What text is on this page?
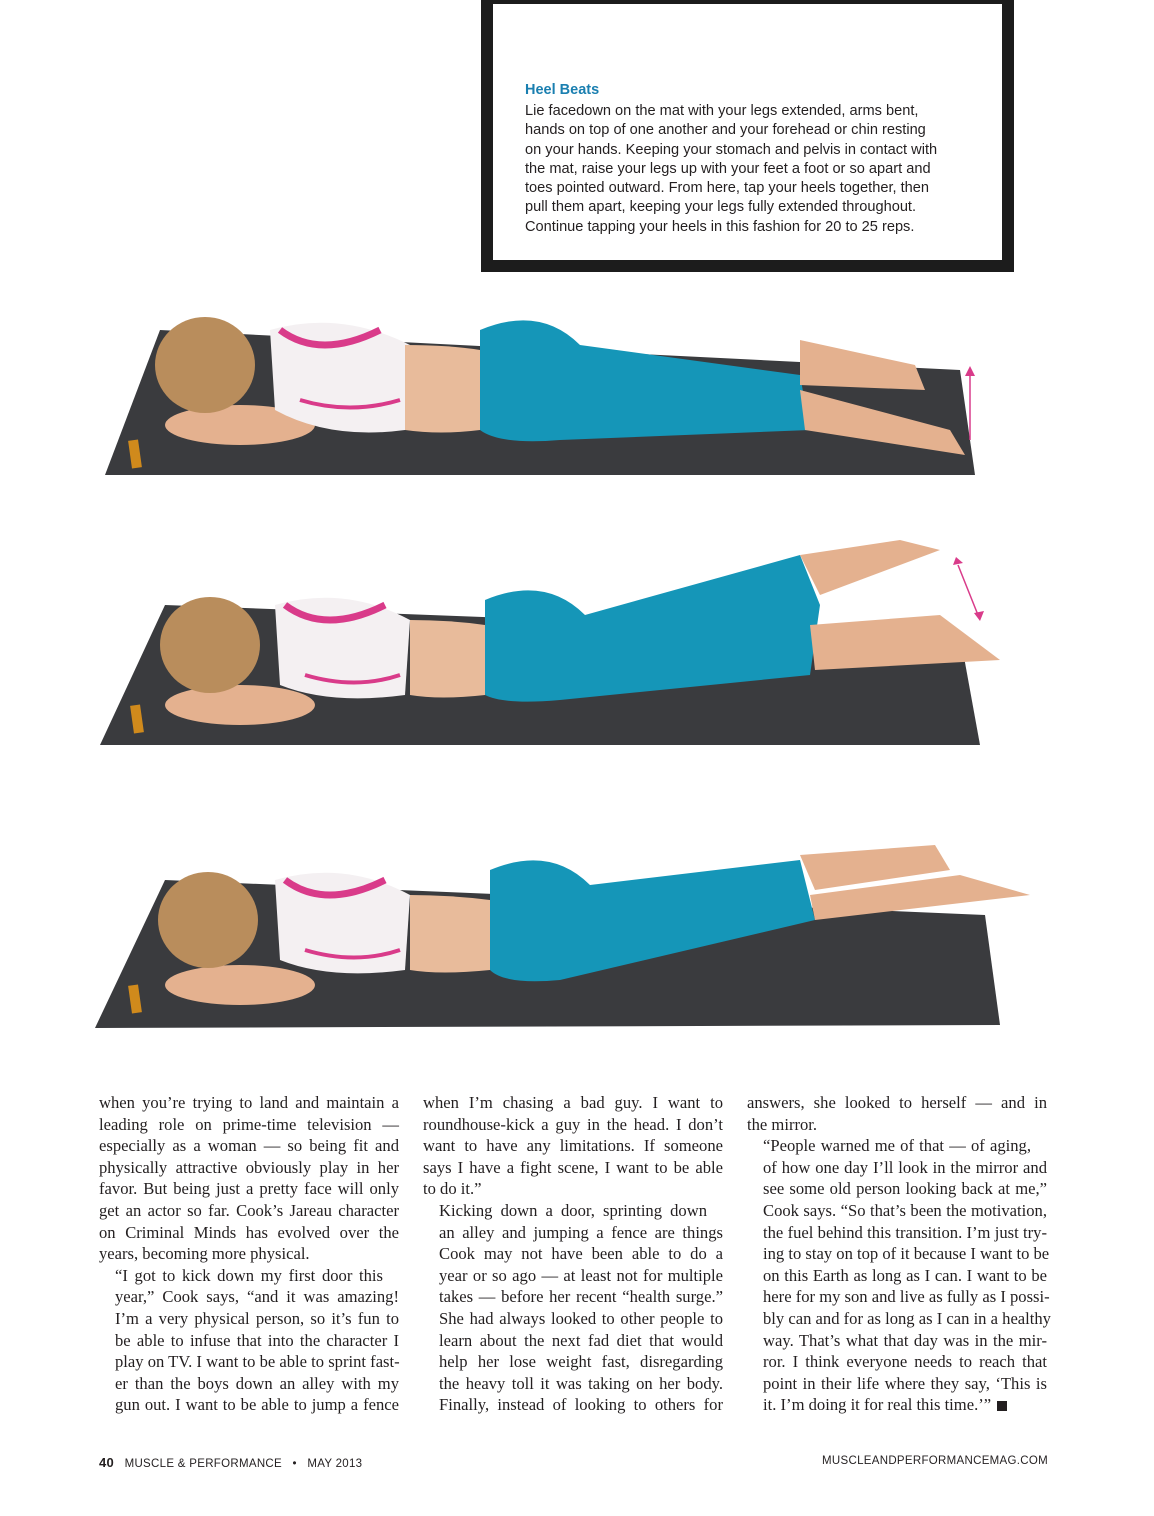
Heel Beats
Lie facedown on the mat with your legs extended, arms bent,
hands on top of one another and your forehead or chin resting
on your hands. Keeping your stomach and pelvis in contact with
the mat, raise your legs up with your feet a foot or so apart and
toes pointed outward. From here, tap your heels together, then
pull them apart, keeping your legs fully extended throughout.
Continue tapping your heels in this fashion for 20 to 25 reps.

when you’re trying to land and maintain a
leading role on prime-time television —
especially as a woman — so being fit and
physically attractive obviously play in her
favor. But being just a pretty face will only
get an actor so far. Cook’s Jareau character
on Criminal Minds has evolved over the
years, becoming more physical.

“I got to kick down my first door this
year,” Cook says, “and it was amazing!
I’m a very physical person, so it’s fun to
be able to infuse that into the character I
play on TV. I want to be able to sprint fast-
er than the boys down an alley with my
gun out. I want to be able to jump a fence

when I’m chasing a bad guy. I want to
roundhouse-kick a guy in the head. I don’t
want to have any limitations. If someone
says I have a fight scene, I want to be able
to do it.”

Kicking down a door, sprinting down
an alley and jumping a fence are things
Cook may not have been able to do a
year or so ago — at least not for multiple
takes — before her recent “health surge.”
She had always looked to other people to
learn about the next fad diet that would
help her lose weight fast, disregarding
the heavy toll it was taking on her body.
Finally, instead of looking to others for

answers, she looked to herself — and in
the mirror.

“People warned me of that — of aging,
of how one day I’ll look in the mirror and
see some old person looking back at me,”
Cook says. “So that’s been the motivation,
the fuel behind this transition. I’m just try-
ing to stay on top of it because I want to be
on this Earth as long as I can. I want to be
here for my son and live as fully as I possi-
bly can and for as long as I can in a healthy
way. That’s what that day was in the mir-
ror. I think everyone needs to reach that
point in their life where they say, ‘This is
it. I’m doing it for real this time.’”

40 MUSCLE & PERFORMANCE • MAY 2013	MUSCLEANDPERFORMANCEMAG.COM
